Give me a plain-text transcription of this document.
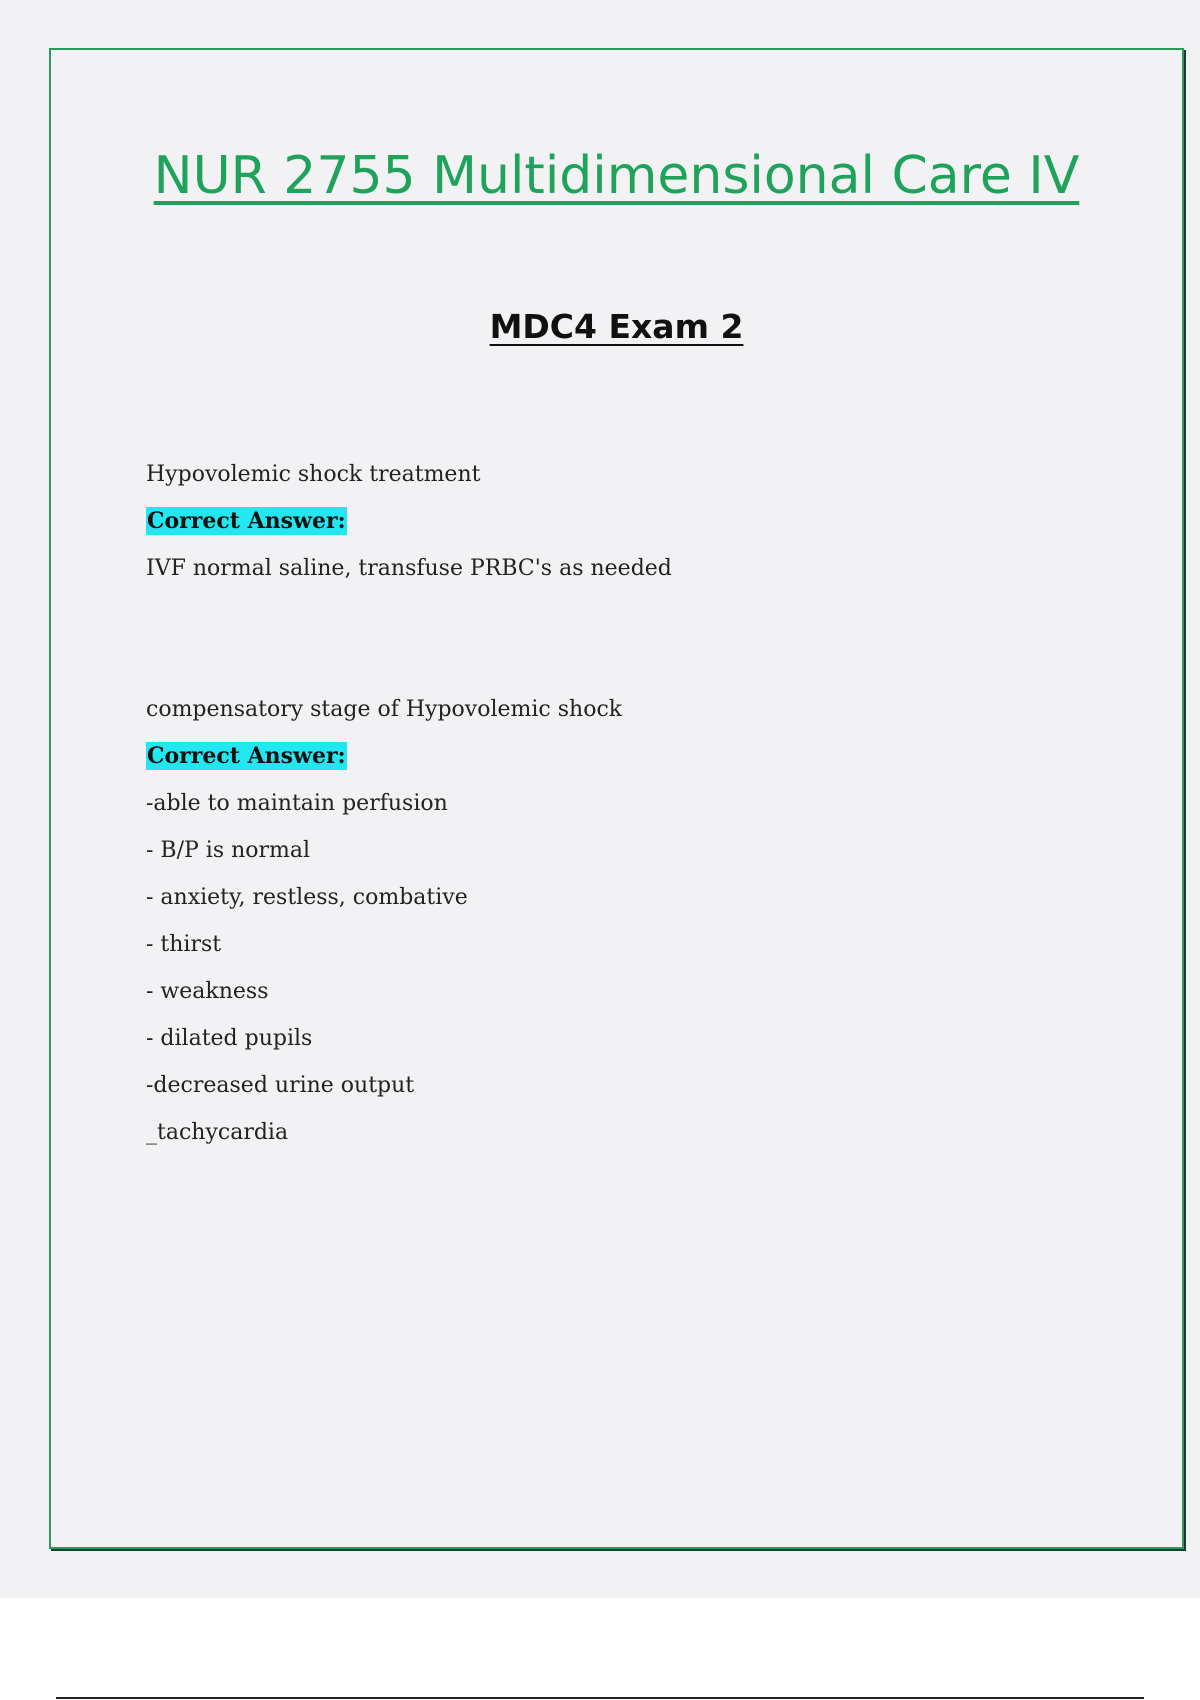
NUR 2755 Multidimensional Care IV
MDC4 Exam 2
Hypovolemic shock treatment
Correct Answer:
IVF normal saline, transfuse PRBC's as needed
compensatory stage of Hypovolemic shock
Correct Answer:
-able to maintain perfusion
- B/P is normal
- anxiety, restless, combative
- thirst
- weakness
- dilated pupils
-decreased urine output
_tachycardia
